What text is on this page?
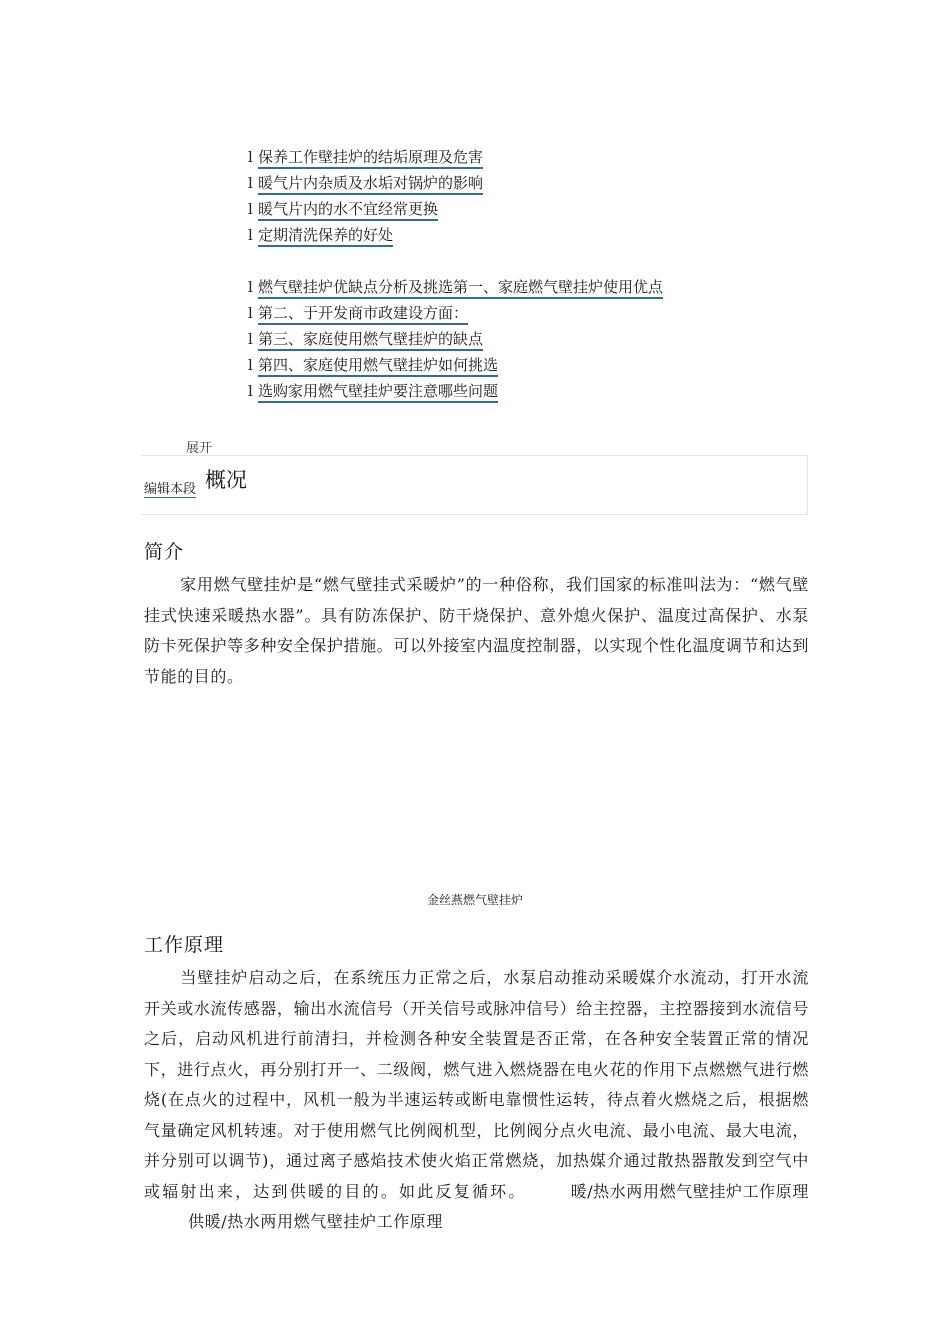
l 保养工作壁挂炉的结垢原理及危害
l 暖气片内杂质及水垢对锅炉的影响
l 暖气片内的水不宜经常更换
l 定期清洗保养的好处
l 燃气壁挂炉优缺点分析及挑选第一、家庭燃气壁挂炉使用优点
l 第二、于开发商市政建设方面：
l 第三、家庭使用燃气壁挂炉的缺点
l 第四、家庭使用燃气壁挂炉如何挑选
l 选购家用燃气壁挂炉要注意哪些问题
展开
编辑本段 概况
简介
家用燃气壁挂炉是“燃气壁挂式采暖炉”的一种俗称，我们国家的标准叫法为：“燃气壁挂式快速采暖热水器”。具有防冻保护、防干烧保护、意外熄火保护、温度过高保护、水泵防卡死保护等多种安全保护措施。可以外接室内温度控制器，以实现个性化温度调节和达到节能的目的。
金丝燕燃气壁挂炉
工作原理
当壁挂炉启动之后，在系统压力正常之后，水泵启动推动采暖媒介水流动，打开水流开关或水流传感器，输出水流信号（开关信号或脉冲信号）给主控器，主控器接到水流信号之后，启动风机进行前清扫，并检测各种安全装置是否正常，在各种安全装置正常的情况下，进行点火，再分别打开一、二级阀，燃气进入燃烧器在电火花的作用下点燃燃气进行燃烧(在点火的过程中，风机一般为半速运转或断电靠惯性运转，待点着火燃烧之后，根据燃气量确定风机转速。对于使用燃气比例阀机型，比例阀分点火电流、最小电流、最大电流，并分别可以调节)，通过离子感焰技术使火焰正常燃烧，加热媒介通过散热器散发到空气中或辐射出来，达到供暖的目的。如此反复循环。	暖/热水两用燃气壁挂炉工作原理供暖/热水两用燃气壁挂炉工作原理
